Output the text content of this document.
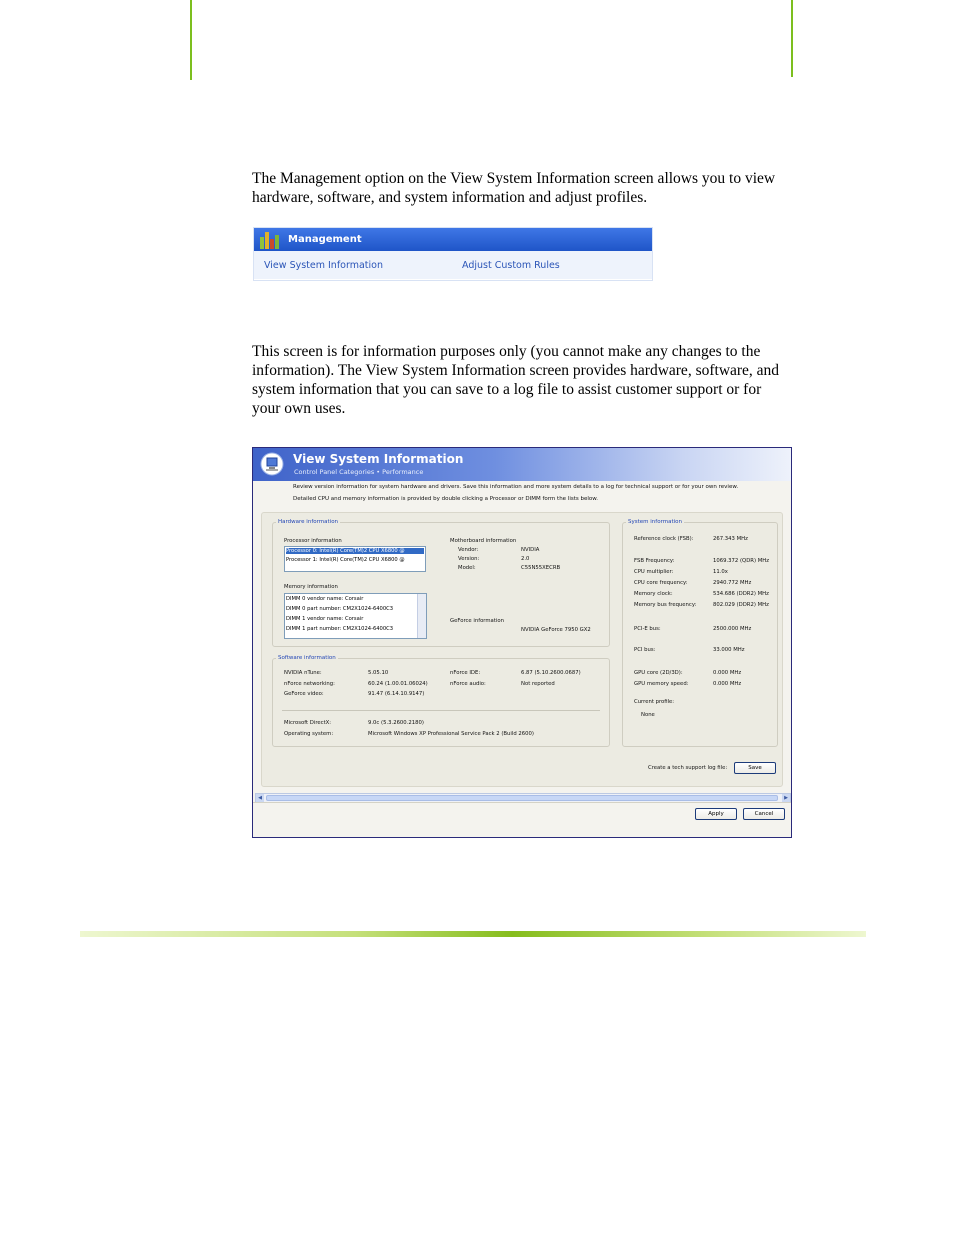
The Management option on the View System Information screen allows you to view hardware, software, and system information and adjust profiles.
Management
View System Information	Adjust Custom Rules
This screen is for information purposes only (you cannot make any changes to the information). The View System Information screen provides hardware, software, and system information that you can save to a log file to assist customer support or for your own uses.
View System Information
Control Panel Categories • Performance
Review version information for system hardware and drivers. Save this information and more system details to a log for technical support or for your own review.
Detailed CPU and memory information is provided by double clicking a Processor or DIMM form the lists below.
Hardware information
Processor information
Processor 0: Intel(R) Core(TM)2 CPU X6800 @
Processor 1: Intel(R) Core(TM)2 CPU X6800 @
Memory information
DIMM 0 vendor name: Corsair
DIMM 0 part number: CM2X1024-6400C3
DIMM 1 vendor name: Corsair
DIMM 1 part number: CM2X1024-6400C3
Motherboard information
Vendor:	NVIDIA
Version:	2.0
Model:	C55N55XECRB
GeForce information
NVIDIA GeForce 7950 GX2
Software information
NVIDIA nTune:	5.05.10
nForce networking:	60.24 (1.00.01.06024)
GeForce video:	91.47 (6.14.10.9147)
nForce IDE:	6.87 (5.10.2600.0687)
nForce audio:	Not reported
Microsoft DirectX:	9.0c (5.3.2600.2180)
Operating system:	Microsoft Windows XP Professional Service Pack 2 (Build 2600)
System information
Reference clock (FSB):	267.343 MHz
FSB Frequency:	1069.372 (QDR) MHz
CPU multiplier:	11.0x
CPU core frequency:	2940.772 MHz
Memory clock:	534.686 (DDR2) MHz
Memory bus frequency:	802.029 (DDR2) MHz
PCI-E bus:	2500.000 MHz
PCI bus:	33.000 MHz
GPU core (2D/3D):	0.000 MHz
GPU memory speed:	0.000 MHz
Current profile:
None
Create a tech support log file:	Save
◀	▶
Apply	Cancel
